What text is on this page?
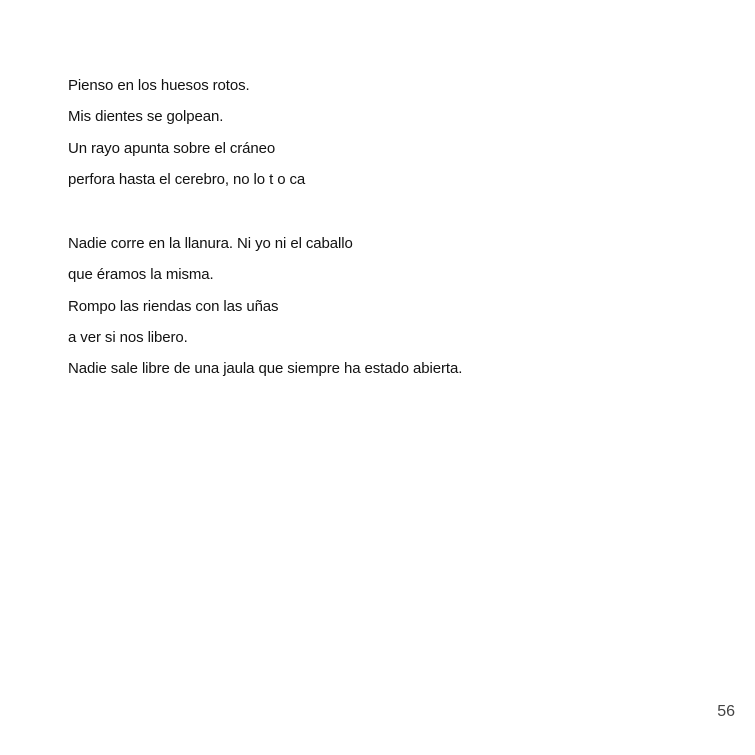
Pienso en los huesos rotos.
Mis dientes se golpean.
Un rayo apunta sobre el cráneo
perfora hasta el cerebro, no lo t o ca
Nadie corre en la llanura. Ni yo ni el caballo
que éramos la misma.
Rompo las riendas con las uñas
a ver si nos libero.
Nadie sale libre de una jaula que siempre ha estado abierta.
56
